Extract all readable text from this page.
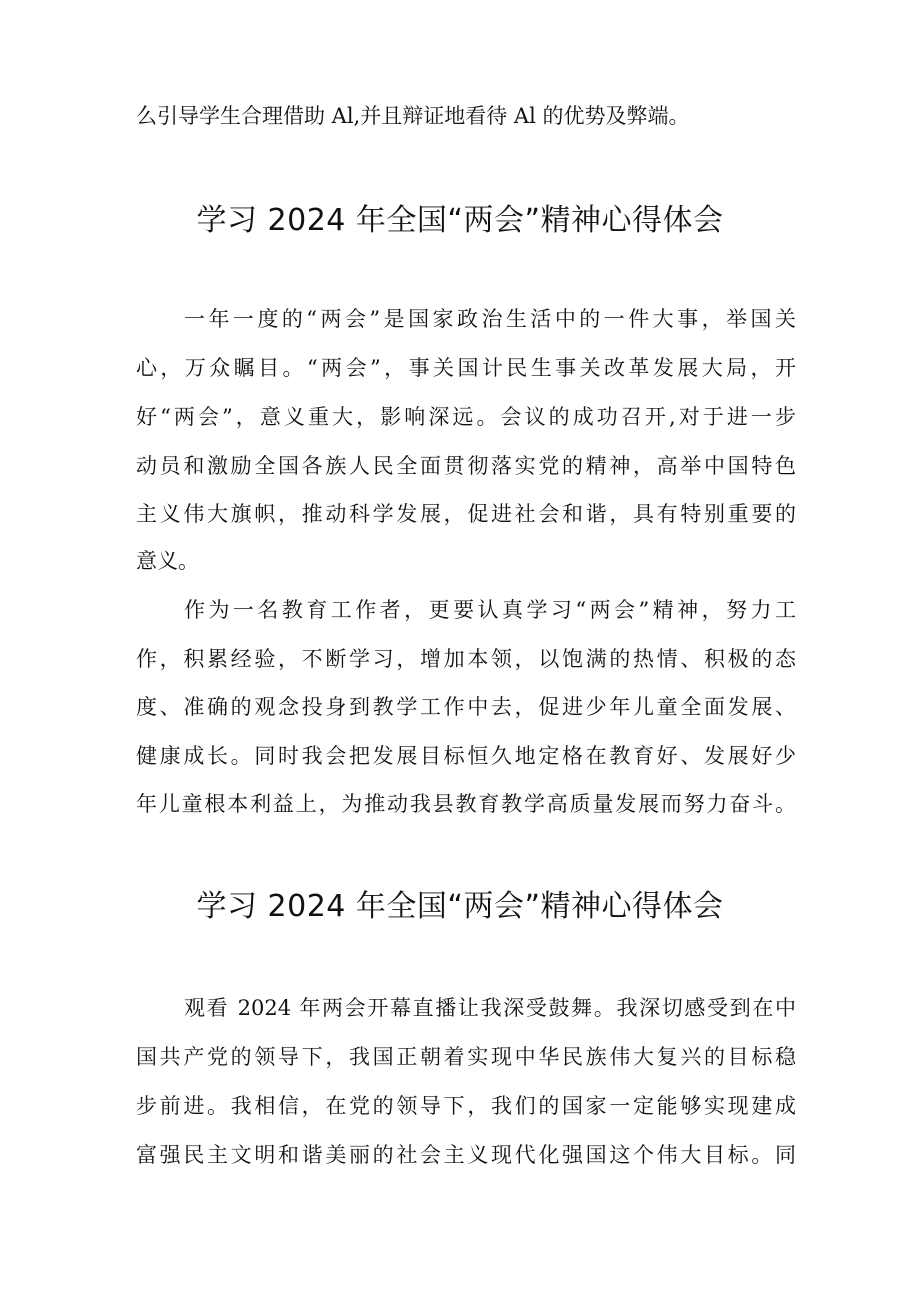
么引导学生合理借助 Al,并且辩证地看待 Al 的优势及弊端。
学习 2024 年全国“两会”精神心得体会
一年一度的“两会”是国家政治生活中的一件大事，举国关
心，万众瞩目。“两会”，事关国计民生事关改革发展大局，开
好“两会”，意义重大，影响深远。会议的成功召开,对于进一步
动员和激励全国各族人民全面贯彻落实党的精神，高举中国特色
主义伟大旗帜，推动科学发展，促进社会和谐，具有特别重要的
意义。
作为一名教育工作者，更要认真学习“两会”精神，努力工
作，积累经验，不断学习，增加本领，以饱满的热情、积极的态
度、准确的观念投身到教学工作中去，促进少年儿童全面发展、
健康成长。同时我会把发展目标恒久地定格在教育好、发展好少
年儿童根本利益上，为推动我县教育教学高质量发展而努力奋斗。
学习 2024 年全国“两会”精神心得体会
观看 2024 年两会开幕直播让我深受鼓舞。我深切感受到在中
国共产党的领导下，我国正朝着实现中华民族伟大复兴的目标稳
步前进。我相信，在党的领导下，我们的国家一定能够实现建成
富强民主文明和谐美丽的社会主义现代化强国这个伟大目标。同
